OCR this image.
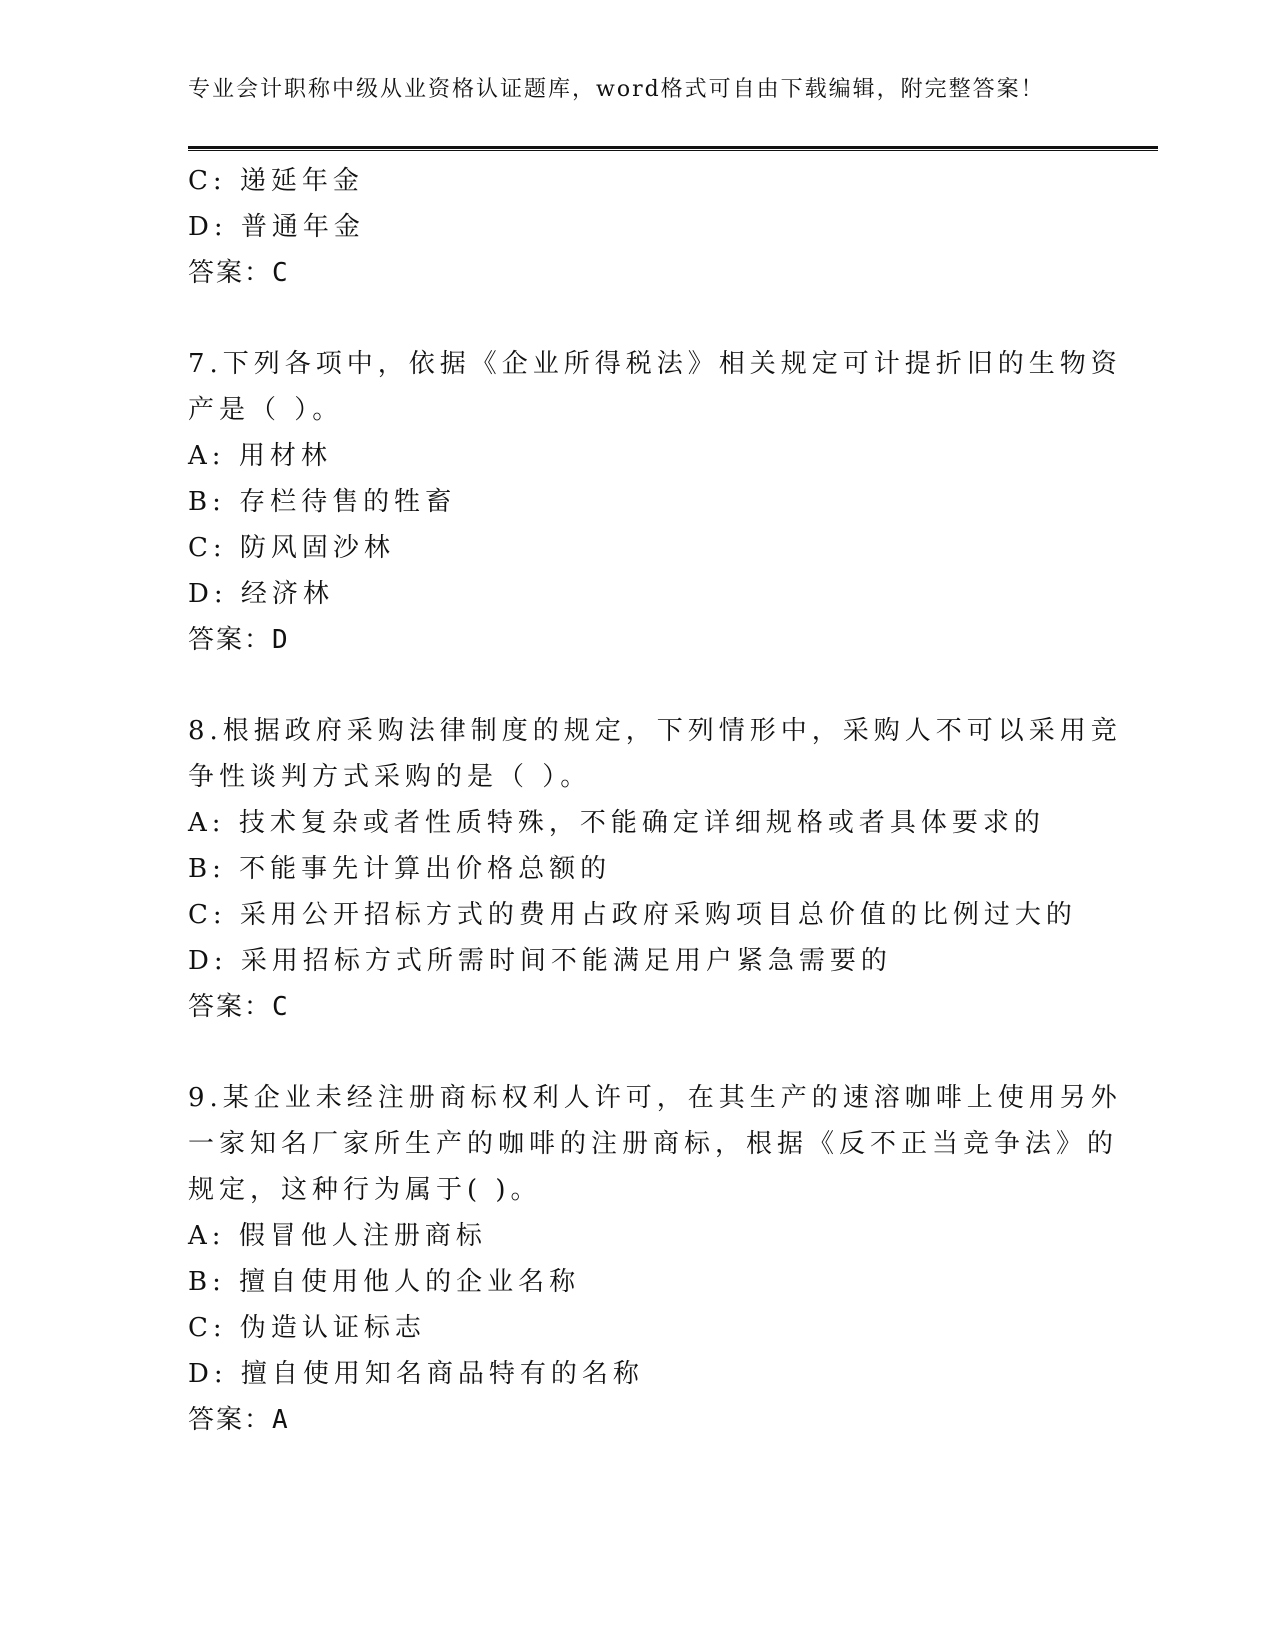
专业会计职称中级从业资格认证题库，word格式可自由下载编辑，附完整答案！
C: 递延年金
D: 普通年金
答案：C
7.下列各项中，依据《企业所得税法》相关规定可计提折旧的生物资
产是（ ）。
A: 用材林
B: 存栏待售的牲畜
C: 防风固沙林
D: 经济林
答案：D
8.根据政府采购法律制度的规定，下列情形中，采购人不可以采用竞
争性谈判方式采购的是（ ）。
A: 技术复杂或者性质特殊，不能确定详细规格或者具体要求的
B: 不能事先计算出价格总额的
C: 采用公开招标方式的费用占政府采购项目总价值的比例过大的
D: 采用招标方式所需时间不能满足用户紧急需要的
答案：C
9.某企业未经注册商标权利人许可，在其生产的速溶咖啡上使用另外
一家知名厂家所生产的咖啡的注册商标，根据《反不正当竞争法》的
规定，这种行为属于( )。
A: 假冒他人注册商标
B: 擅自使用他人的企业名称
C: 伪造认证标志
D: 擅自使用知名商品特有的名称
答案：A
